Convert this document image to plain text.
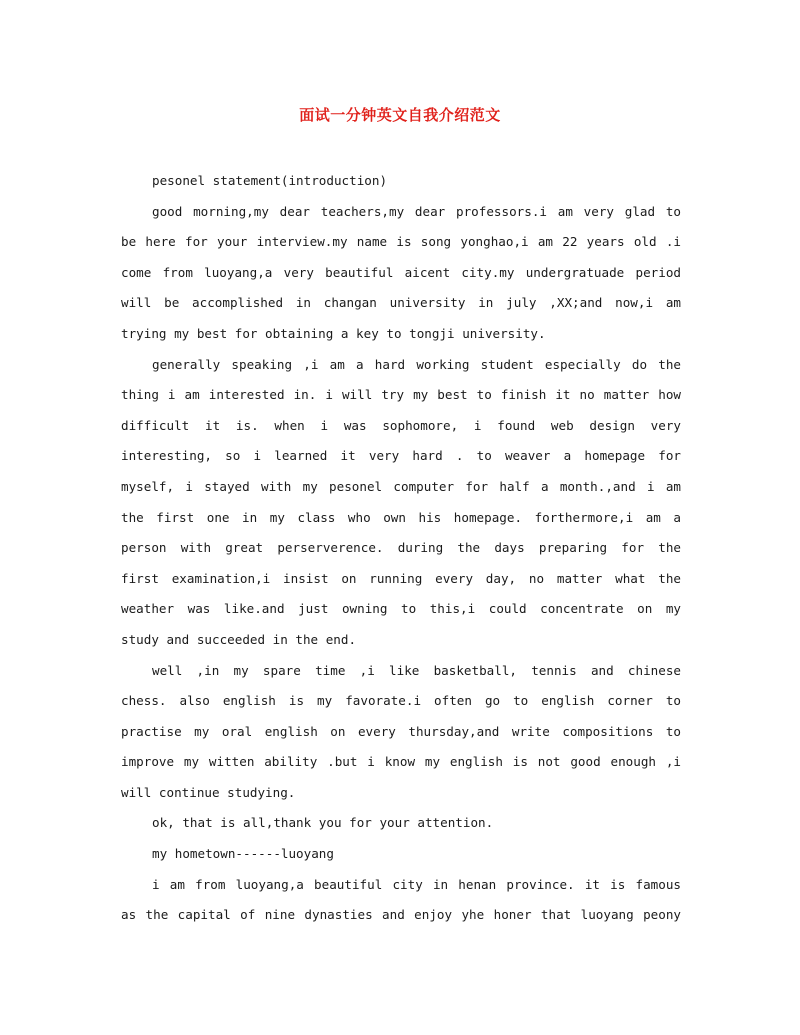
面试一分钟英文自我介绍范文
pesonel statement(introduction)
good morning,my dear teachers,my dear professors.i am very glad to
be here for your interview.my name is song yonghao,i am 22 years old .i
come from luoyang,a very beautiful aicent city.my undergratuade period
will be accomplished in changan university in july ,XX;and now,i am
trying my best for obtaining a key to tongji university.
generally speaking ,i am a hard working student especially do the
thing i am interested in. i will try my best to finish it no matter how
difficult it is. when i was sophomore, i found web design very
interesting, so i learned it very hard . to weaver a homepage for
myself, i stayed with my pesonel computer for half a month.,and i am
the first one in my class who own his homepage. forthermore,i am a
person with great perserverence. during the days preparing for the
first examination,i insist on running every day, no matter what the
weather was like.and just owning to this,i could concentrate on my
study and succeeded in the end.
well ,in my spare time ,i like basketball, tennis and chinese
chess. also english is my favorate.i often go to english corner to
practise my oral english on every thursday,and write compositions to
improve my witten ability .but i know my english is not good enough ,i
will continue studying.
ok, that is all,thank you for your attention.
my hometown------luoyang
i am from luoyang,a beautiful city in henan province. it is famous
as the capital of nine dynasties and enjoy yhe honer that luoyang peony
